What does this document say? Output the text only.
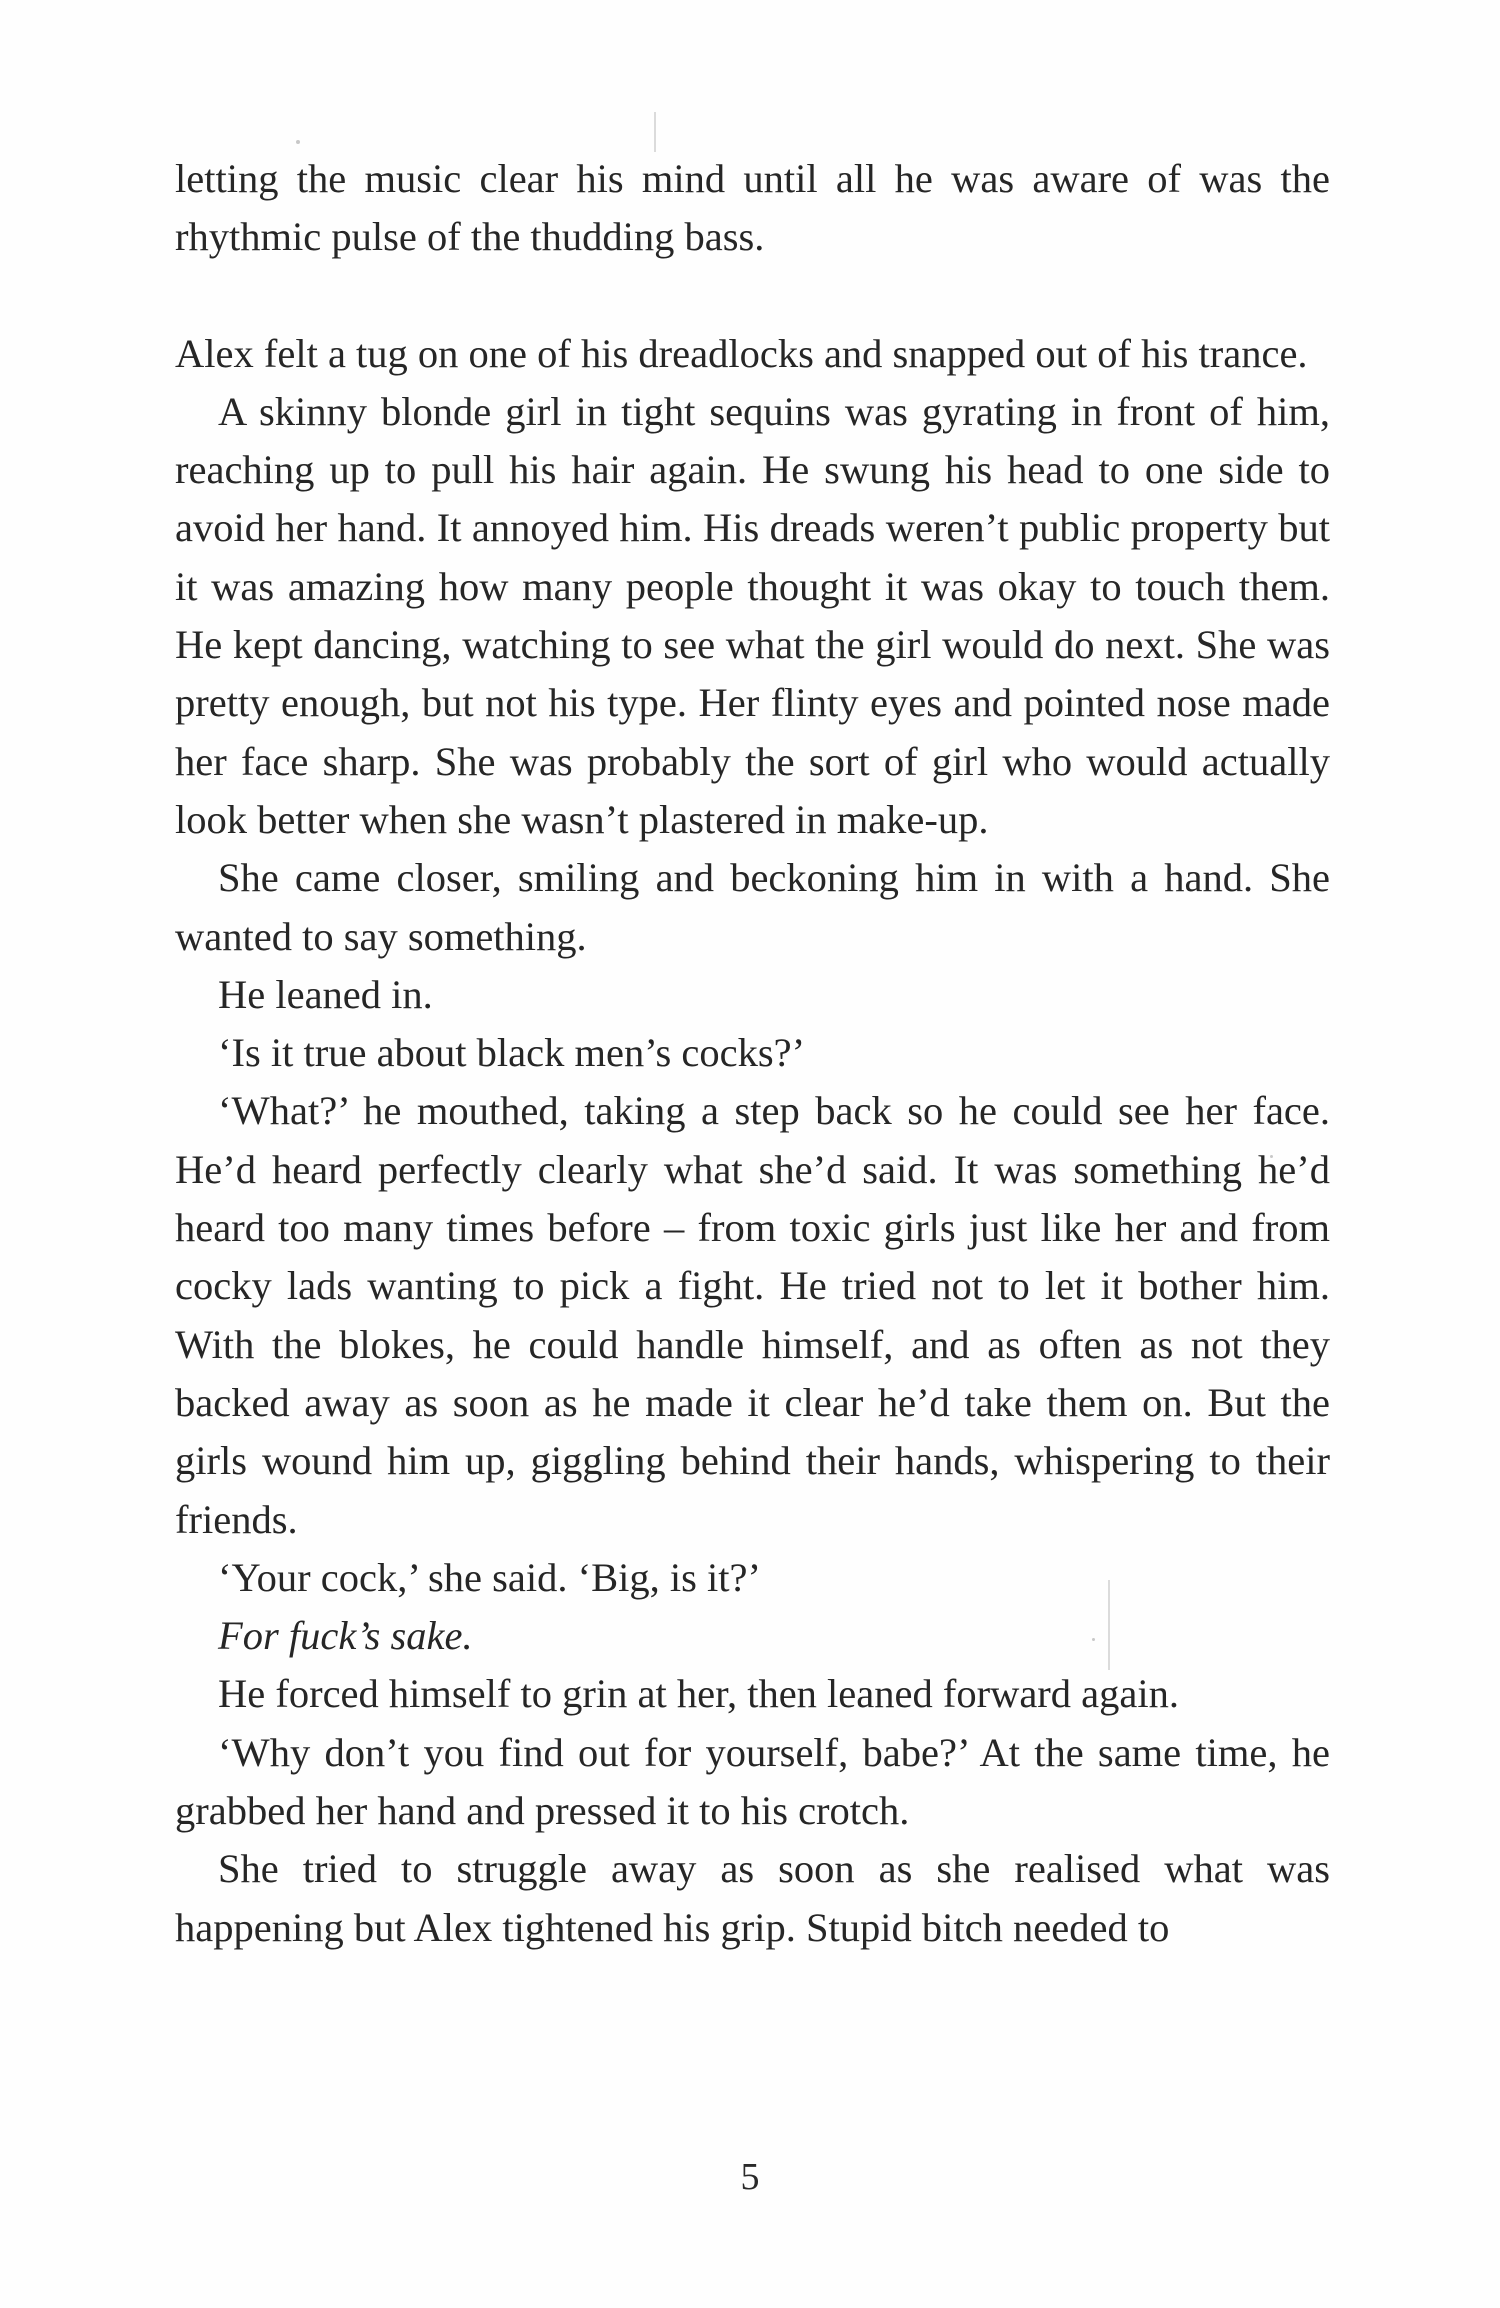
letting the music clear his mind until all he was aware of was the rhythmic pulse of the thudding bass.

Alex felt a tug on one of his dreadlocks and snapped out of his trance.

A skinny blonde girl in tight sequins was gyrating in front of him, reaching up to pull his hair again. He swung his head to one side to avoid her hand. It annoyed him. His dreads weren’t public property but it was amazing how many people thought it was okay to touch them. He kept dancing, watching to see what the girl would do next. She was pretty enough, but not his type. Her flinty eyes and pointed nose made her face sharp. She was probably the sort of girl who would actually look better when she wasn’t plastered in make-up.

She came closer, smiling and beckoning him in with a hand. She wanted to say something.

He leaned in.

‘Is it true about black men’s cocks?’

‘What?’ he mouthed, taking a step back so he could see her face. He’d heard perfectly clearly what she’d said. It was something he’d heard too many times before – from toxic girls just like her and from cocky lads wanting to pick a fight. He tried not to let it bother him. With the blokes, he could handle himself, and as often as not they backed away as soon as he made it clear he’d take them on. But the girls wound him up, giggling behind their hands, whispering to their friends.

‘Your cock,’ she said. ‘Big, is it?’

For fuck’s sake.

He forced himself to grin at her, then leaned forward again.

‘Why don’t you find out for yourself, babe?’ At the same time, he grabbed her hand and pressed it to his crotch.

She tried to struggle away as soon as she realised what was happening but Alex tightened his grip. Stupid bitch needed to

5
